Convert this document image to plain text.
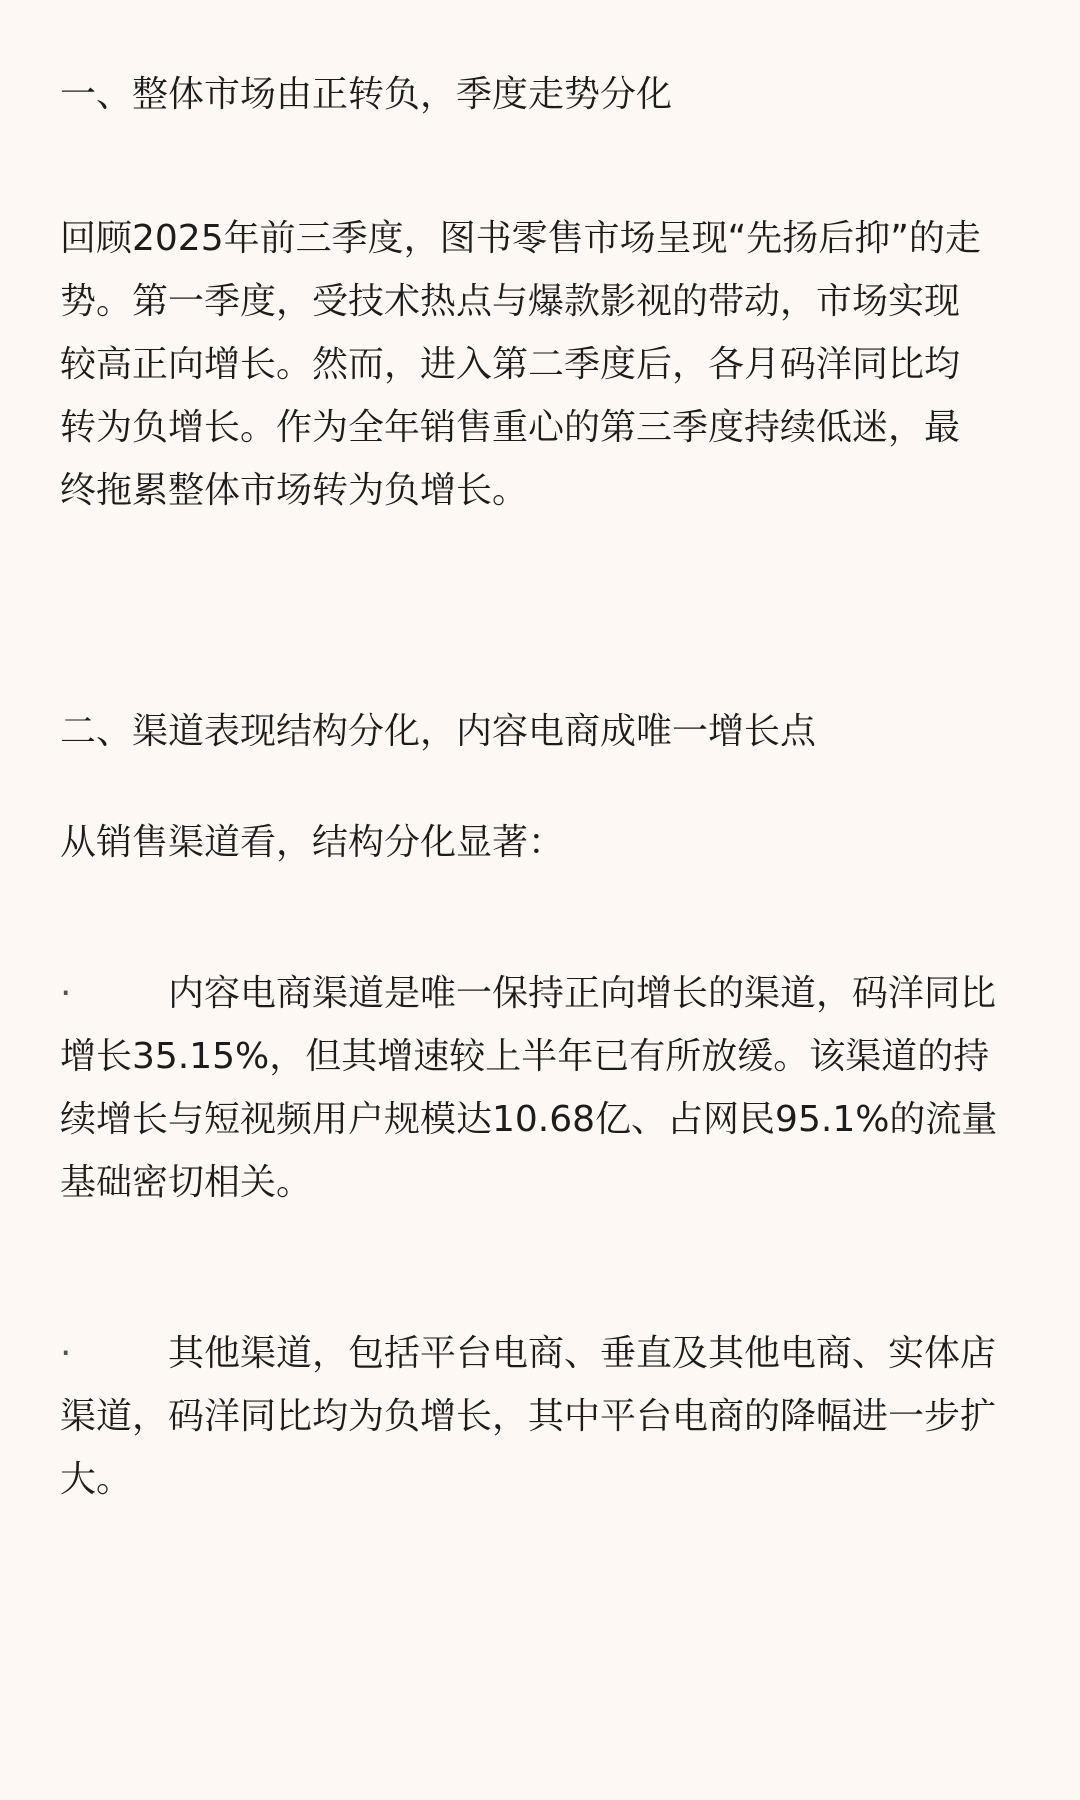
一、整体市场由正转负，季度走势分化

回顾2025年前三季度，图书零售市场呈现“先扬后抑”的走势。第一季度，受技术热点与爆款影视的带动，市场实现较高正向增长。然而，进入第二季度后，各月码洋同比均转为负增长。作为全年销售重心的第三季度持续低迷，最终拖累整体市场转为负增长。

二、渠道表现结构分化，内容电商成唯一增长点

从销售渠道看，结构分化显著：

·	内容电商渠道是唯一保持正向增长的渠道，码洋同比增长35.15%，但其增速较上半年已有所放缓。该渠道的持续增长与短视频用户规模达10.68亿、占网民95.1%的流量基础密切相关。

·	其他渠道，包括平台电商、垂直及其他电商、实体店渠道，码洋同比均为负增长，其中平台电商的降幅进一步扩大。
